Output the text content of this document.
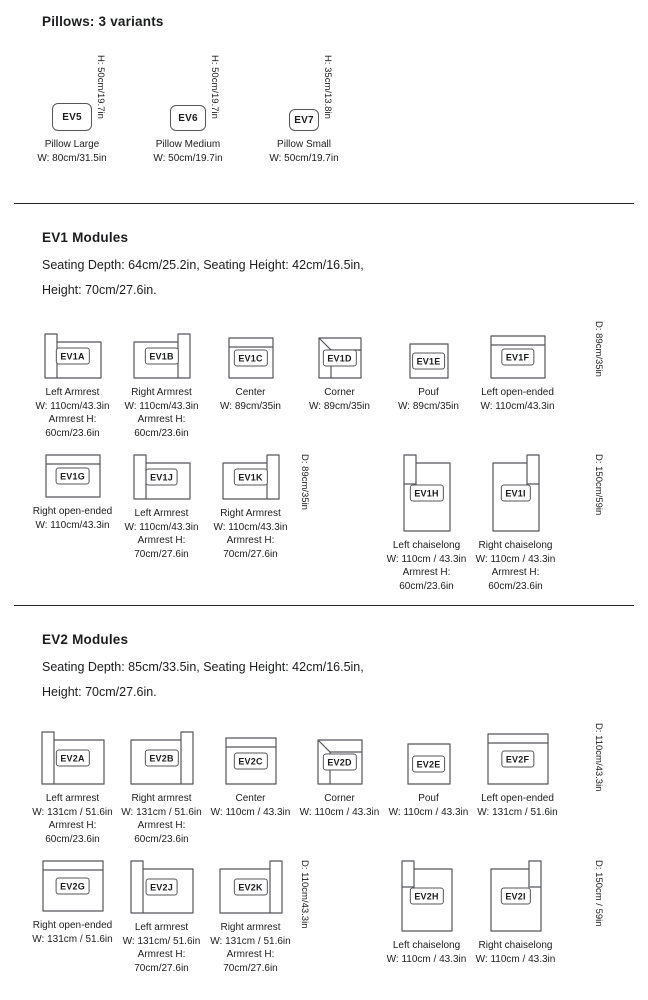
Pillows: 3 variants
EV5 H: 50cm/19.7in
Pillow Large
W: 80cm/31.5in
EV6 H: 50cm/19.7in
Pillow Medium
W: 50cm/19.7in
EV7
H: 35cm/13.8in
Pillow Small
W: 50cm/19.7in
EV1 Modules

Seating Depth: 64cm/25.2in, Seating Height: 42cm/16.5in,

Height: 70cm/27.6in.

EV1A
Left Armrest
W: 110cm/43.3in
Armrest H:
60cm/23.6in
EV1B
Right Armrest
W: 110cm/43.3in
Armrest H:
60cm/23.6in
EV1C
Center
W: 89cm/35in
EV1D
Corner
W: 89cm/35in
EV1E
Pouf
W: 89cm/35in
EV1F
Left open-ended
W: 110cm/43.3in
D: 89cm/35in
EV1G
Right open-ended
W: 110cm/43.3in
EV1J
Left Armrest
W: 110cm/43.3in
Armrest H:
70cm/27.6in
EV1K
Right Armrest
W: 110cm/43.3in
Armrest H:
70cm/27.6in
D: 89cm/35in	EV1H
Left chaiselong
W: 110cm / 43.3in
Armrest H:
60cm/23.6in
EV1I
Right chaiselong
W: 110cm / 43.3in
Armrest H:
60cm/23.6in
D: 150cm/59in
EV2 Modules

Seating Depth: 85cm/33.5in, Seating Height: 42cm/16.5in,

Height: 70cm/27.6in.

EV2A
Left armrest
W: 131cm / 51.6in
Armrest H:
60cm/23.6in
EV2B
Right armrest
W: 131cm / 51.6in
Armrest H:
60cm/23.6in
EV2C
Center
W: 110cm / 43.3in
EV2D
Corner
W: 110cm / 43.3in
EV2E
Pouf
W: 110cm / 43.3in
EV2F
Left open-ended
W: 131cm / 51.6in
D: 110cm/43.3in
EV2G
Right open-ended
W: 131cm / 51.6in
EV2J
Left armrest
W: 131cm/ 51.6in
Armrest H:
70cm/27.6in
EV2K
Right armrest
W: 131cm / 51.6in
Armrest H:
70cm/27.6in
D: 110cm/43.3in	EV2H
Left chaiselong
W: 110cm / 43.3in
EV2I
Right chaiselong
W: 110cm / 43.3in
D: 150cm / 59in
